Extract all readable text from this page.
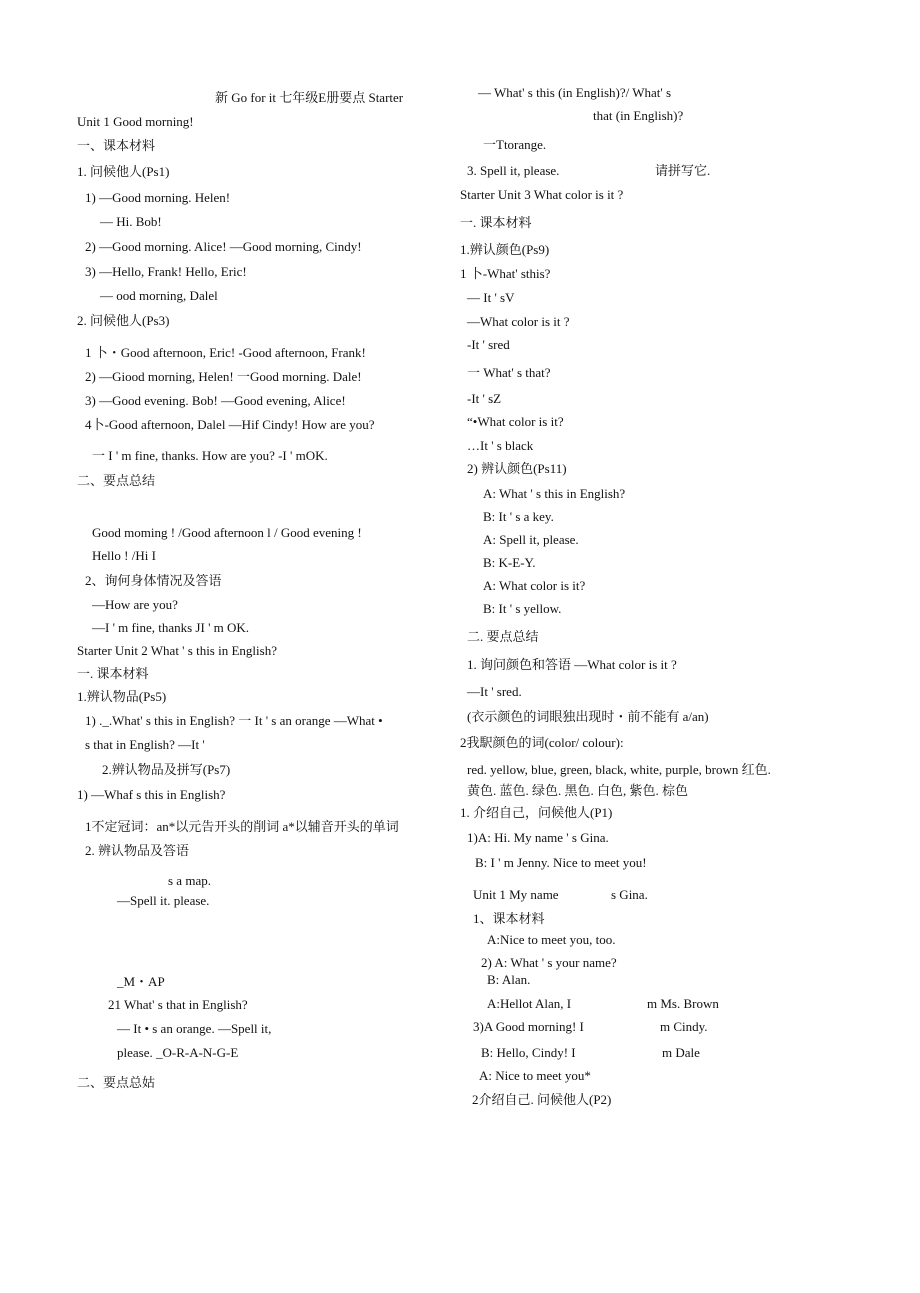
新 Go for it 七年级E册要点 Starter
Unit 1 Good morning!
一、课本材料
1. 问候他人(Ps1)
1) —Good morning. Helen!
— Hi. Bob!
2) —Good morning. Alice! —Good morning, Cindy!
3) —Hello, Frank! Hello, Eric!
— ood morning, Dalel
2. 问候他人(Ps3)
1 卜・Good afternoon, Eric! -Good afternoon, Frank!
2) —Giood morning, Helen! 一Good morning. Dale!
3) —Good evening. Bob! —Good evening, Alice!
4卜-Good afternoon, Dalel —Hif Cindy! How are you?
一 I ' m fine, thanks. How are you? -I ' mOK.
二、要点总结
Good moming ! /Good afternoon l / Good evening !
Hello ! /Hi I
2、询何身体情况及答语
—How are you?
—I ' m fine, thanks JI ' m OK.
Starter Unit 2 What ' s this in English?
一. 课本材料
1.辨认物品(Ps5)
1) ._.What' s this in English? 一 It ' s an orange —What •
s that in English? —It '
2.辨认物品及拼写(Ps7)
1) —Whaf s this in English?
1不定冠词：an*以元告开头的削词 a*以辅音开头的单词
2. 辨认物品及答语
s a map.
—Spell it. please.
_M・AP
21 What' s that in English?
— It • s an orange. —Spell it,
please. _O-R-A-N-G-E
二、要点总姑
— What' s this (in English)?/ What' s
that (in English)?
一Ttorange.
3. Spell it, please.	请拼写它.
Starter Unit 3 What color is it ?
一. 课本材料
1.辨认颜色(Ps9)
1 卜-What' sthis?
— It ' sV
—What color is it ?
-It ' sred
一 What' s that?
-It ' sZ
“•What color is it?
…It ' s black
2) 辨认颜色(Ps11)
A: What ' s this in English?
B: It ' s a key.
A: Spell it, please.
B: K-E-Y.
A: What color is it?
B: It ' s yellow.
二. 要点总结
1. 询问颜色和答语 —What color is it ?
—It ' sred.
(衣示颜色的词眼独出现时・前不能有 a/an)
2我駅颜色的词(color/ colour):
red. yellow, blue, green, black, white, purple, brown 红色.
黄色. 蓝色. 绿色. 黑色. 白色, 紫色. 棕色
1. 介绍自己，问候他人(P1)
1)A: Hi. My name ' s Gina.
B: I ' m Jenny. Nice to meet you!
Unit 1 My name	s Gina.
1、课本材料
A:Nice to meet you, too.
2) A: What ' s your name?
B: Alan.
A:Hellot Alan, I	m Ms. Brown
3)A Good morning! I	m Cindy.
B: Hello, Cindy! I	m Dale
A: Nice to meet you*
2介绍自己. 问候他人(P2)
